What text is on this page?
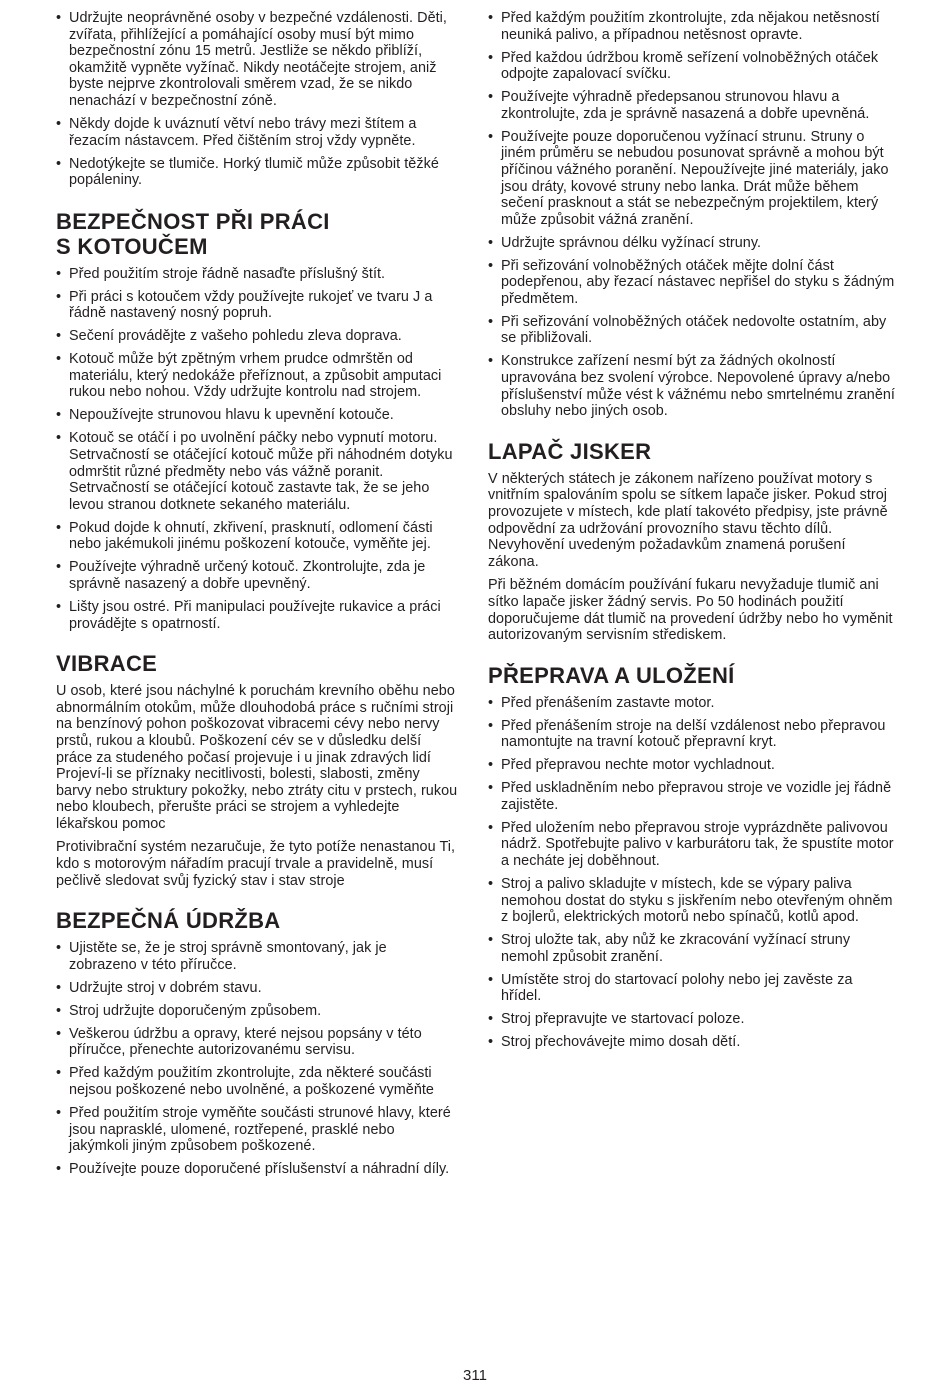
• Udržujte neoprávněné osoby v bezpečné vzdálenosti. Děti, zvířata, přihlížející a pomáhající osoby musí být mimo bezpečnostní zónu 15 metrů. Jestliže se někdo přiblíží, okamžitě vypněte vyžínač. Nikdy neotáčejte strojem, aniž byste nejprve zkontrolovali směrem vzad, že se nikdo nenachází v bezpečnostní zóně.
• Někdy dojde k uváznutí větví nebo trávy mezi štítem a řezacím nástavcem. Před čištěním stroj vždy vypněte.
• Nedotýkejte se tlumiče. Horký tlumič může způsobit těžké popáleniny.
BEZPEČNOST PŘI PRÁCI
S KOTOUČEM
• Před použitím stroje řádně nasaďte příslušný štít.
• Při práci s kotoučem vždy používejte rukojeť ve tvaru J a řádně nastavený nosný popruh.
• Sečení provádějte z vašeho pohledu zleva doprava.
• Kotouč může být zpětným vrhem prudce odmrštěn od materiálu, který nedokáže přeříznout, a způsobit amputaci rukou nebo nohou. Vždy udržujte kontrolu nad strojem.
• Nepoužívejte strunovou hlavu k upevnění kotouče.
• Kotouč se otáčí i po uvolnění páčky nebo vypnutí motoru. Setrvačností se otáčející kotouč může při náhodném dotyku odmrštit různé předměty nebo vás vážně poranit. Setrvačností se otáčející kotouč zastavte tak, že se jeho levou stranou dotknete sekaného materiálu.
• Pokud dojde k ohnutí, zkřivení, prasknutí, odlomení části nebo jakémukoli jinému poškození kotouče, vyměňte jej.
• Používejte výhradně určený kotouč. Zkontrolujte, zda je správně nasazený a dobře upevněný.
• Lišty jsou ostré. Při manipulaci používejte rukavice a práci provádějte s opatrností.
VIBRACE

U osob, které jsou náchylné k poruchám krevního oběhu nebo abnormálním otokům, může dlouhodobá práce s ručními stroji na benzínový pohon poškozovat vibracemi cévy nebo nervy prstů, rukou a kloubů. Poškození cév se v důsledku delší práce za studeného počasí projevuje i u jinak zdravých lidí Projeví-li se příznaky necitlivosti, bolesti, slabosti, změny barvy nebo struktury pokožky, nebo ztráty citu v prstech, rukou nebo kloubech, přerušte práci se strojem a vyhledejte lékařskou pomoc

Protivibrační systém nezaručuje, že tyto potíže nenastanou Ti, kdo s motorovým nářadím pracují trvale a pravidelně, musí pečlivě sledovat svůj fyzický stav i stav stroje

BEZPEČNÁ ÚDRŽBA
• Ujistěte se, že je stroj správně smontovaný, jak je zobrazeno v této příručce.
• Udržujte stroj v dobrém stavu.
• Stroj udržujte doporučeným způsobem.
• Veškerou údržbu a opravy, které nejsou popsány v této příručce, přenechte autorizovanému servisu.
• Před každým použitím zkontrolujte, zda některé součásti nejsou poškozené nebo uvolněné, a poškozené vyměňte
• Před použitím stroje vyměňte součásti strunové hlavy, které jsou naprasklé, ulomené, roztřepené, prasklé nebo jakýmkoli jiným způsobem poškozené.
• Používejte pouze doporučené příslušenství a náhradní díly.
• Před každým použitím zkontrolujte, zda nějakou netěsností neuniká palivo, a případnou netěsnost opravte.
• Před každou údržbou kromě seřízení volnoběžných otáček odpojte zapalovací svíčku.
• Používejte výhradně předepsanou strunovou hlavu a zkontrolujte, zda je správně nasazená a dobře upevněná.
• Používejte pouze doporučenou vyžínací strunu. Struny o jiném průměru se nebudou posunovat správně a mohou být příčinou vážného poranění. Nepoužívejte jiné materiály, jako jsou dráty, kovové struny nebo lanka. Drát může během sečení prasknout a stát se nebezpečným projektilem, který může způsobit vážná zranění.
• Udržujte správnou délku vyžínací struny.
• Při seřizování volnoběžných otáček mějte dolní část podepřenou, aby řezací nástavec nepřišel do styku s žádným předmětem.
• Při seřizování volnoběžných otáček nedovolte ostatním, aby se přibližovali.
• Konstrukce zařízení nesmí být za žádných okolností upravována bez svolení výrobce. Nepovolené úpravy a/nebo příslušenství může vést k vážnému nebo smrtelnému zranění obsluhy nebo jiných osob.
LAPAČ JISKER

V některých státech je zákonem nařízeno používat motory s vnitřním spalováním spolu se sítkem lapače jisker. Pokud stroj provozujete v místech, kde platí takovéto předpisy, jste právně odpovědní za udržování provozního stavu těchto dílů. Nevyhovění uvedeným požadavkům znamená porušení zákona.

Při běžném domácím používání fukaru nevyžaduje tlumič ani sítko lapače jisker žádný servis. Po 50 hodinách použití doporučujeme dát tlumič na provedení údržby nebo ho vyměnit autorizovaným servisním střediskem.

PŘEPRAVA A ULOŽENÍ
• Před přenášením zastavte motor.
• Před přenášením stroje na delší vzdálenost nebo přepravou namontujte na travní kotouč přepravní kryt.
• Před přepravou nechte motor vychladnout.
• Před uskladněním nebo přepravou stroje ve vozidle jej řádně zajistěte.
• Před uložením nebo přepravou stroje vyprázdněte palivovou nádrž. Spotřebujte palivo v karburátoru tak, že spustíte motor a necháte jej doběhnout.
• Stroj a palivo skladujte v místech, kde se výpary paliva nemohou dostat do styku s jiskřením nebo otevřeným ohněm z bojlerů, elektrických motorů nebo spínačů, kotlů apod.
• Stroj uložte tak, aby nůž ke zkracování vyžínací struny nemohl způsobit zranění.
• Umístěte stroj do startovací polohy nebo jej zavěste za hřídel.
• Stroj přepravujte ve startovací poloze.
• Stroj přechovávejte mimo dosah dětí.
311
